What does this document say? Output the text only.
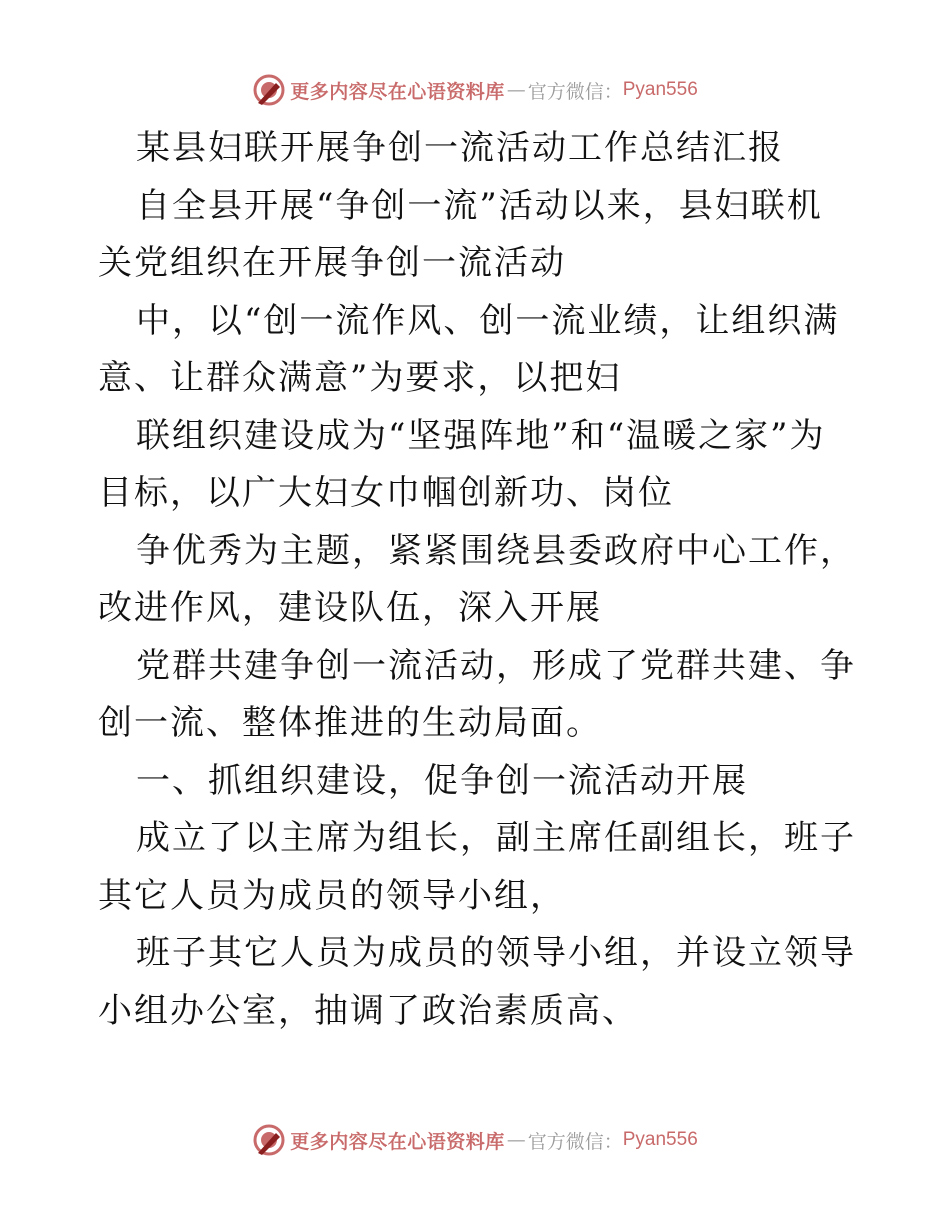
更多内容尽在心语资料库 — 官方微信： Pyan556

某县妇联开展争创一流活动工作总结汇报

自全县开展“争创一流”活动以来，县妇联机关党组织在开展争创一流活动

中，以“创一流作风、创一流业绩，让组织满意、让群众满意”为要求，以把妇

联组织建设成为“坚强阵地”和“温暖之家”为目标，以广大妇女巾帼创新功、岗位

争优秀为主题，紧紧围绕县委政府中心工作，改进作风，建设队伍，深入开展

党群共建争创一流活动，形成了党群共建、争创一流、整体推进的生动局面。

一、抓组织建设，促争创一流活动开展

成立了以主席为组长，副主席任副组长，班子其它人员为成员的领导小组，

班子其它人员为成员的领导小组，并设立领导小组办公室，抽调了政治素质高、

更多内容尽在心语资料库 — 官方微信： Pyan556
